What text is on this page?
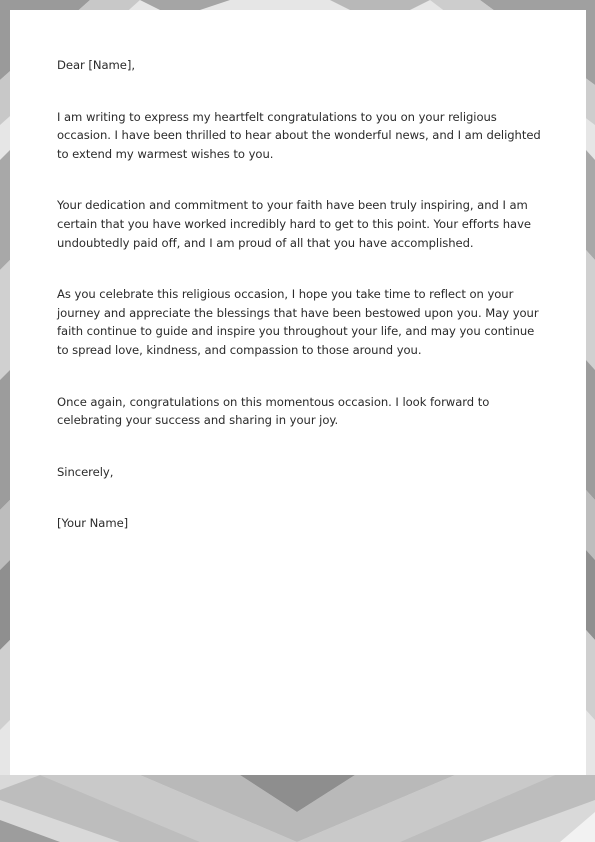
Dear [Name],

I am writing to express my heartfelt congratulations to you on your religious occasion. I have been thrilled to hear about the wonderful news, and I am delighted to extend my warmest wishes to you.

Your dedication and commitment to your faith have been truly inspiring, and I am certain that you have worked incredibly hard to get to this point. Your efforts have undoubtedly paid off, and I am proud of all that you have accomplished.

As you celebrate this religious occasion, I hope you take time to reflect on your journey and appreciate the blessings that have been bestowed upon you. May your faith continue to guide and inspire you throughout your life, and may you continue to spread love, kindness, and compassion to those around you.

Once again, congratulations on this momentous occasion. I look forward to celebrating your success and sharing in your joy.

Sincerely,

[Your Name]
